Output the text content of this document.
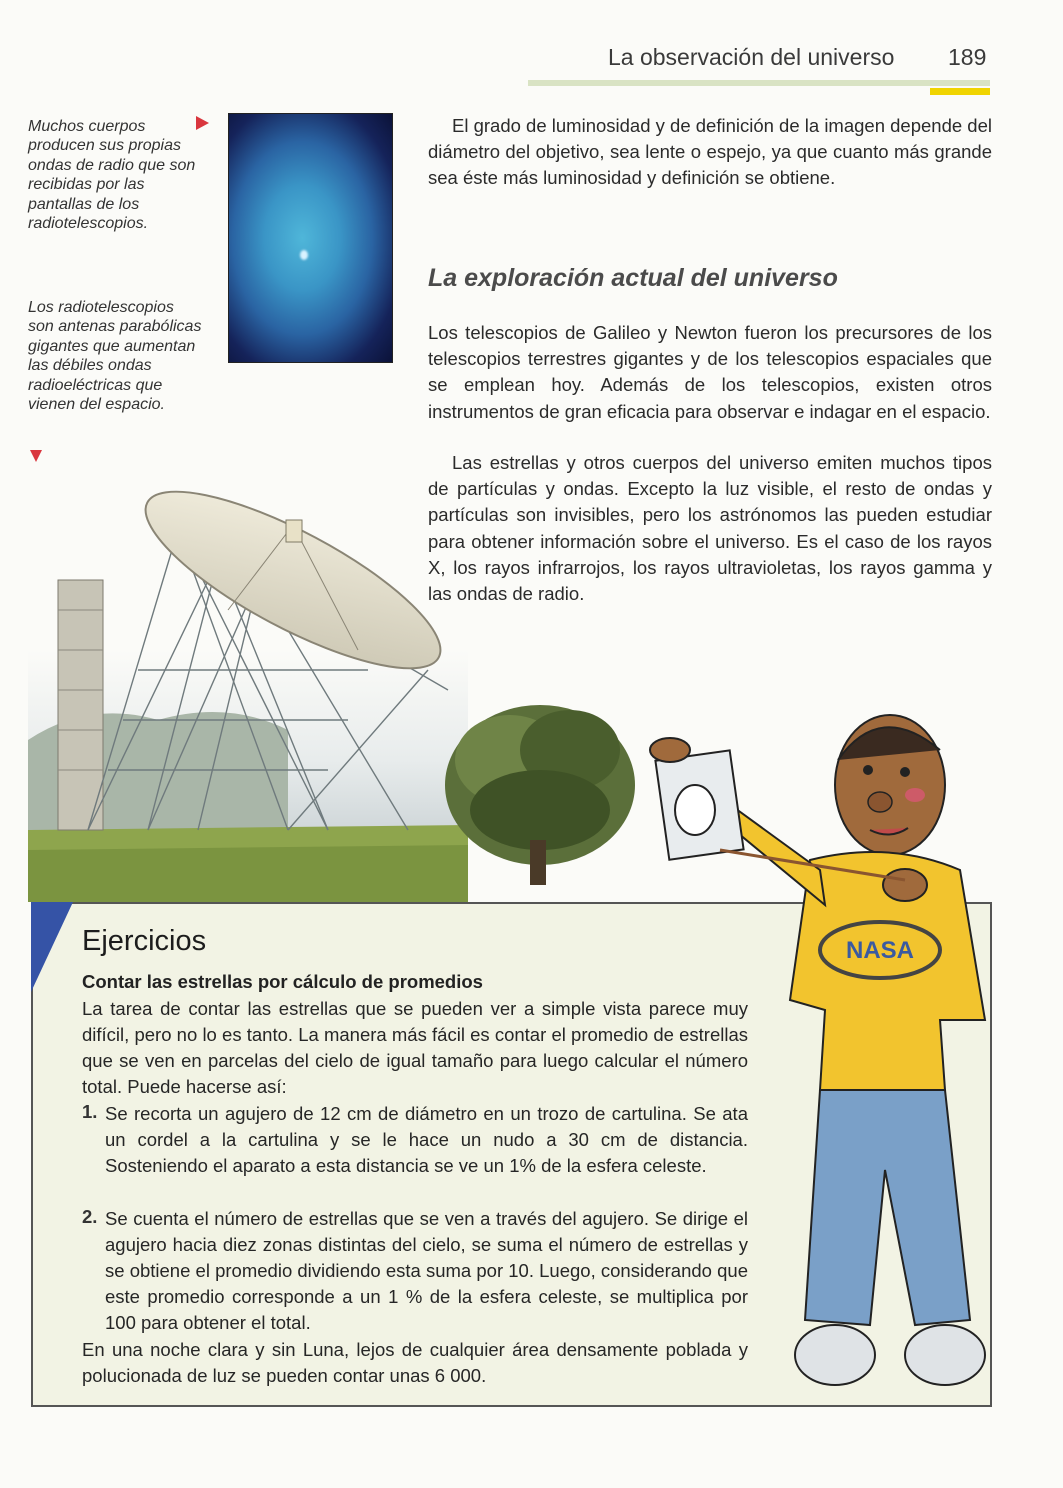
La observación del universo 189
Muchos cuerpos producen sus propias ondas de radio que son recibidas por las pantallas de los radiotelescopios.
Los radiotelescopios son antenas parabólicas gigantes que aumentan las débiles ondas radioeléctricas que vienen del espacio.
El grado de luminosidad y de definición de la imagen depende del diámetro del objetivo, sea lente o espejo, ya que cuanto más grande sea éste más luminosidad y definición se obtiene.
La exploración actual del universo
Los telescopios de Galileo y Newton fueron los precursores de los telescopios terrestres gigantes y de los telescopios espaciales que se emplean hoy. Además de los telescopios, existen otros instrumentos de gran eficacia para observar e indagar en el espacio.
Las estrellas y otros cuerpos del universo emiten muchos tipos de partículas y ondas. Excepto la luz visible, el resto de ondas y partículas son invisibles, pero los astrónomos las pueden estudiar para obtener información sobre el universo. Es el caso de los rayos X, los rayos infrarrojos, los rayos ultravioletas, los rayos gamma y las ondas de radio.
Ejercicios
Contar las estrellas por cálculo de promedios
La tarea de contar las estrellas que se pueden ver a simple vista parece muy difícil, pero no lo es tanto. La manera más fácil es contar el promedio de estrellas que se ven en parcelas del cielo de igual tamaño para luego calcular el número total. Puede hacerse así:
1. Se recorta un agujero de 12 cm de diámetro en un trozo de cartulina. Se ata un cordel a la cartulina y se le hace un nudo a 30 cm de distancia. Sosteniendo el aparato a esta distancia se ve un 1% de la esfera celeste.
2. Se cuenta el número de estrellas que se ven a través del agujero. Se dirige el agujero hacia diez zonas distintas del cielo, se suma el número de estrellas y se obtiene el promedio dividiendo esta suma por 10. Luego, considerando que este promedio corresponde a un 1 % de la esfera celeste, se multiplica por 100 para obtener el total.
En una noche clara y sin Luna, lejos de cualquier área densamente poblada y polucionada de luz se pueden contar unas 6 000.
NASA
